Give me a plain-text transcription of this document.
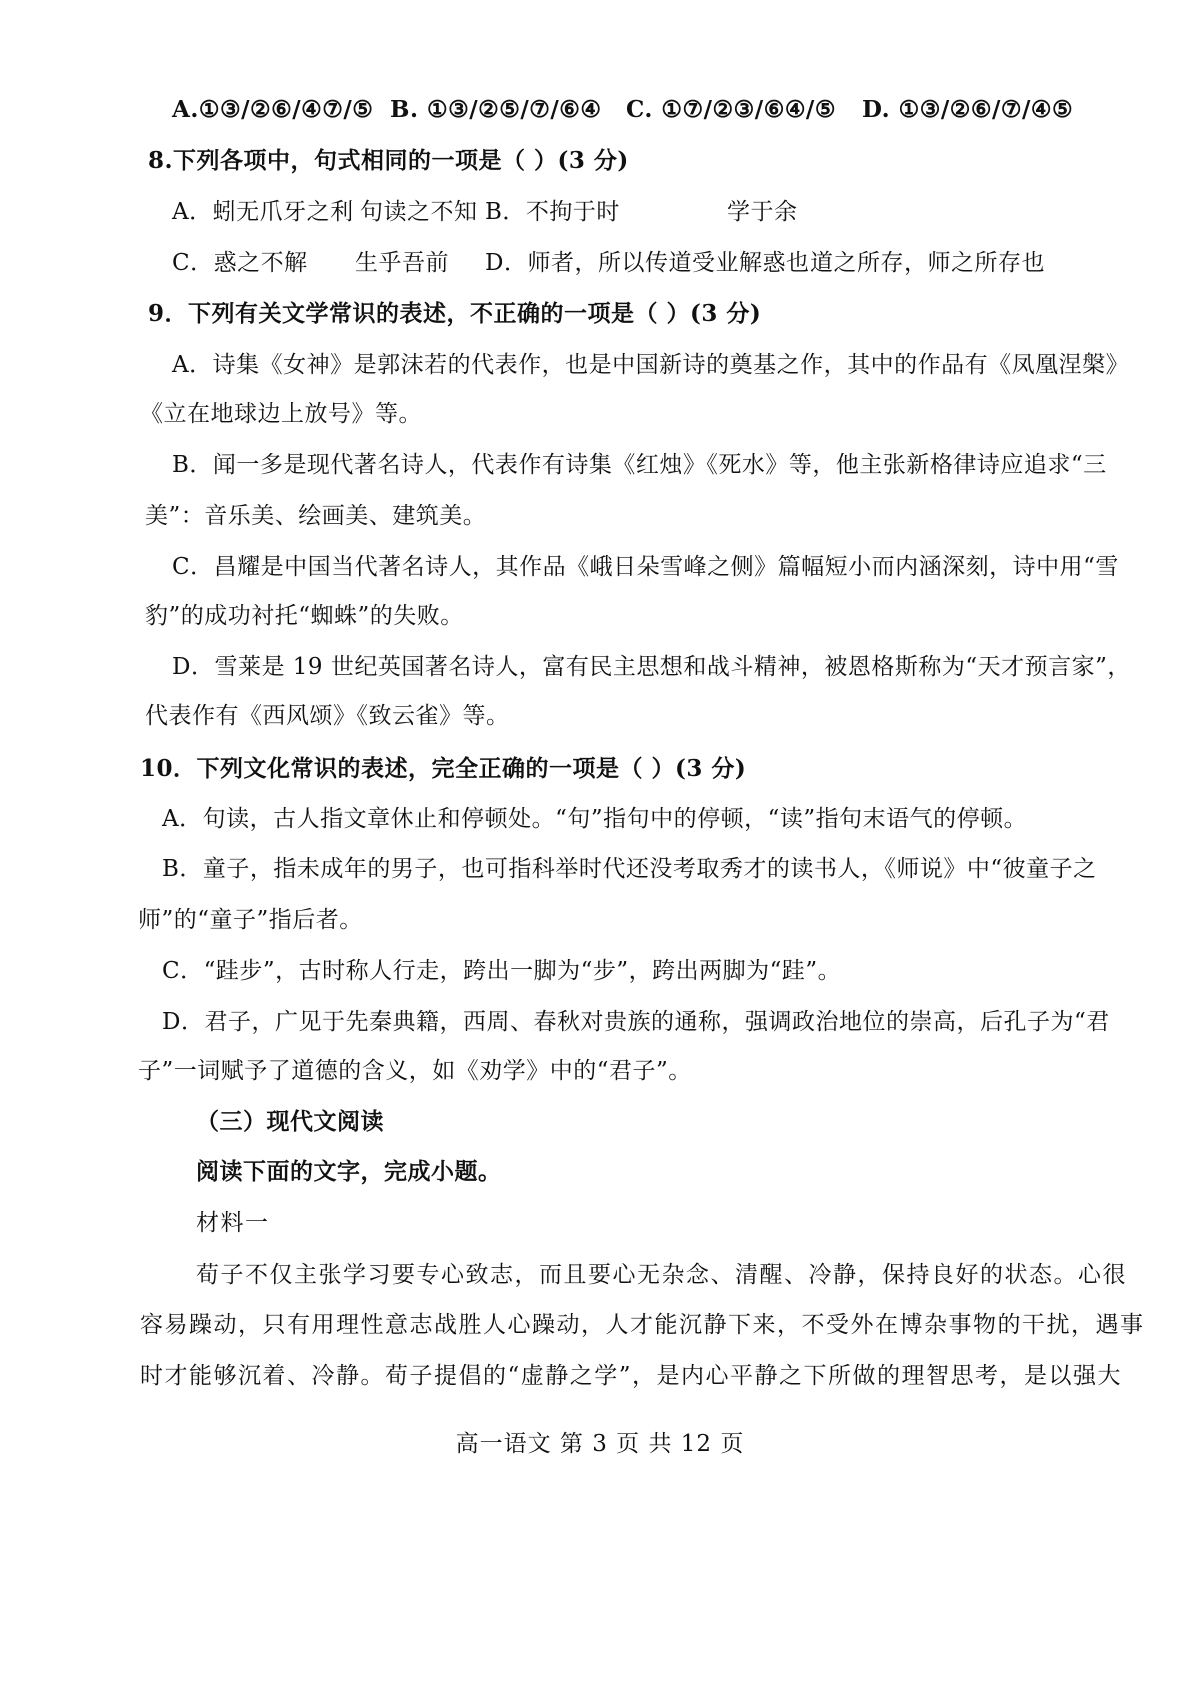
A.①③/②⑥/④⑦/⑤ B. ①③/②⑤/⑦/⑥④ C. ①⑦/②③/⑥④/⑤ D. ①③/②⑥/⑦/④⑤
8.下列各项中，句式相同的一项是（ ）(3 分)
A．蚓无爪牙之利 句读之不知 B．不拘于时	学于余
C．惑之不解 生乎吾前 D．师者，所以传道受业解惑也道之所存，师之所存也
9．下列有关文学常识的表述，不正确的一项是（ ）(3 分)
A．诗集《女神》是郭沫若的代表作，也是中国新诗的奠基之作，其中的作品有《凤凰涅槃》
《立在地球边上放号》等。
B．闻一多是现代著名诗人，代表作有诗集《红烛》《死水》等，他主张新格律诗应追求“三
美”：音乐美、绘画美、建筑美。
C．昌耀是中国当代著名诗人，其作品《峨日朵雪峰之侧》篇幅短小而内涵深刻，诗中用“雪
豹”的成功衬托“蜘蛛”的失败。
D．雪莱是 19 世纪英国著名诗人，富有民主思想和战斗精神，被恩格斯称为“天才预言家”，
代表作有《西风颂》《致云雀》等。
10．下列文化常识的表述，完全正确的一项是（ ）(3 分)
A．句读，古人指文章休止和停顿处。“句”指句中的停顿，“读”指句末语气的停顿。
B．童子，指未成年的男子，也可指科举时代还没考取秀才的读书人，《师说》中“彼童子之
师”的“童子”指后者。
C．“跬步”，古时称人行走，跨出一脚为“步”，跨出两脚为“跬”。
D．君子，广见于先秦典籍，西周、春秋对贵族的通称，强调政治地位的崇高，后孔子为“君
子”一词赋予了道德的含义，如《劝学》中的“君子”。
（三）现代文阅读
阅读下面的文字，完成小题。
材料一
荀子不仅主张学习要专心致志，而且要心无杂念、清醒、冷静，保持良好的状态。心很
容易躁动，只有用理性意志战胜人心躁动，人才能沉静下来，不受外在博杂事物的干扰，遇事
时才能够沉着、冷静。荀子提倡的“虚静之学”，是内心平静之下所做的理智思考，是以强大
高一语文 第 3 页 共 12 页
